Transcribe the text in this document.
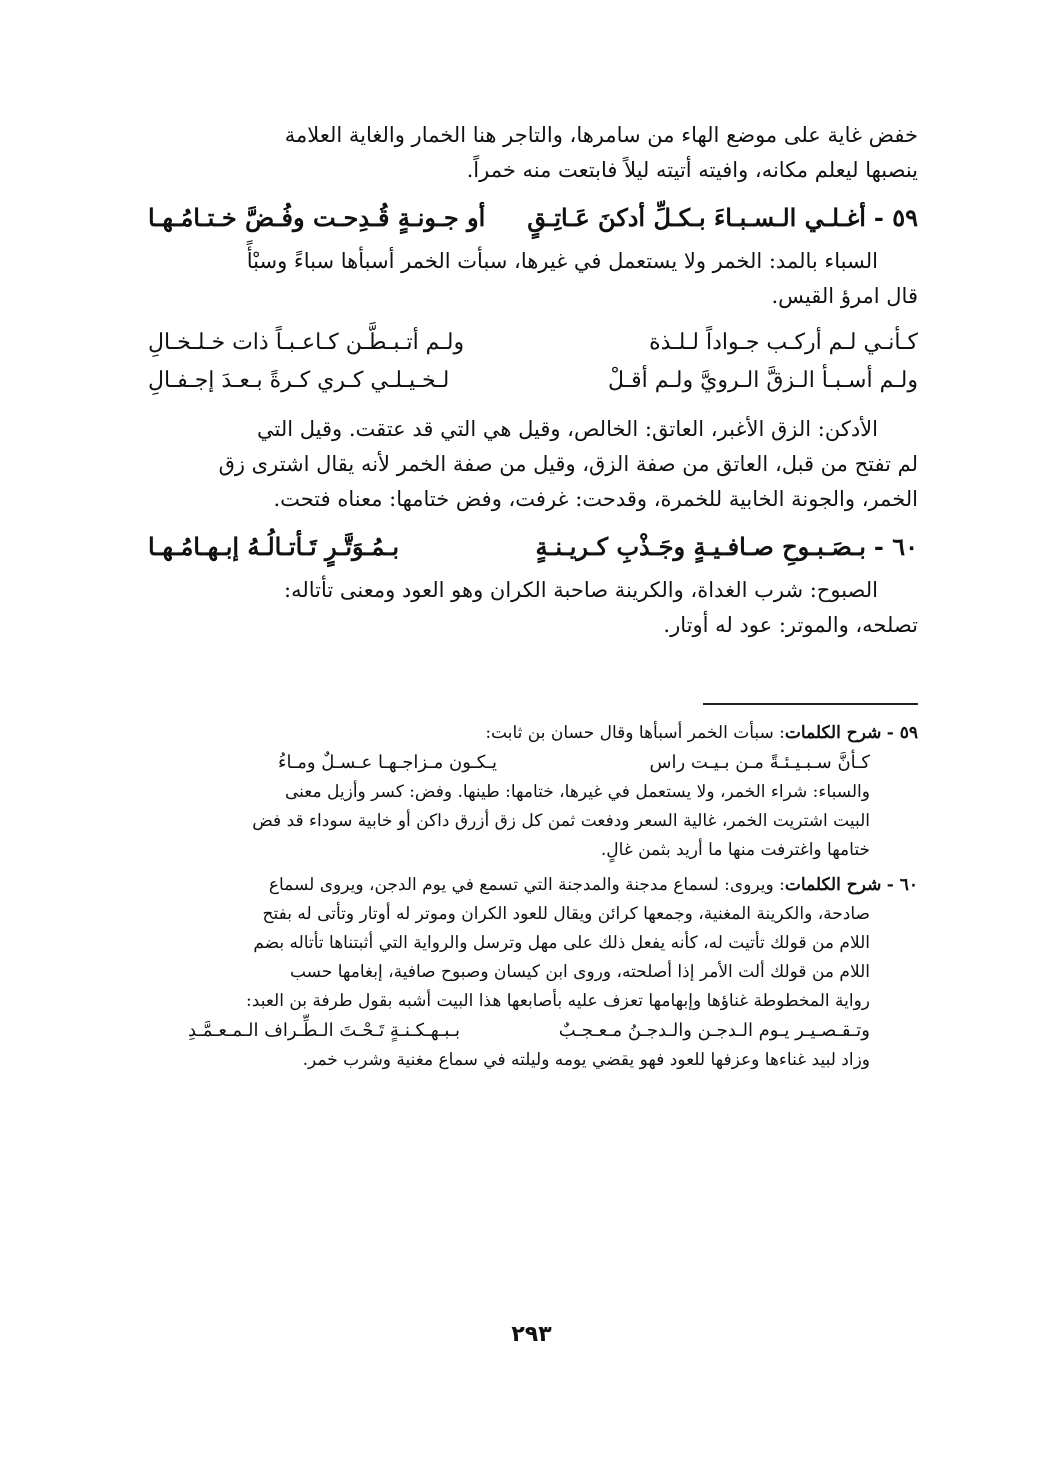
خفض غاية على موضع الهاء من سامرها، والتاجر هنا الخمار والغاية العلامة
ينصبها ليعلم مكانه، وافيته أتيته ليلاً فابتعت منه خمراً.
٥٩ -أغـلـي الـسـبـاءَ بـكـلِّ أدكنَ عَـاتِـقٍ
أو جـونـةٍ قُـدِحـت وفُـضَّ خـتـامُـهـا
السباء بالمد: الخمر ولا يستعمل في غيرها، سبأت الخمر أسبأها سباءً وسبْأً
قال امرؤ القيس.
كـأنـي لـم أركـب جـواداً لـلـذة
ولـم أتـبـطَّـن كـاعـبـاً ذات خـلـخـالِ
ولـم أسـبـأ الـزقَّ الـرويَّ ولـم أقـلْ
لـخـيـلـي كـري كـرةً بـعـدَ إجـفـالِ
الأدكن: الزق الأغبر، العاتق: الخالص، وقيل هي التي قد عتقت. وقيل التي
لم تفتح من قبل، العاتق من صفة الزق، وقيل من صفة الخمر لأنه يقال اشترى زق
الخمر، والجونة الخابية للخمرة، وقدحت: غرفت، وفض ختامها: معناه فتحت.
٦٠ -بـصَـبـوحِ صـافـيـةٍ وجَـذْبِ كـريـنـةٍ
بـمُـوَتَّـرٍ تَـأتـالُـهُ إبـهـامُـهـا
الصبوح: شرب الغداة، والكرينة صاحبة الكران وهو العود ومعنى تأتاله:
تصلحه، والموتر: عود له أوتار.
٥٩ - شرح الكلمات: سبأت الخمر أسبأها وقال حسان بن ثابت:
كـأنَّ سـبـيـئـةً مـن بـيـت راس
يـكـون مـزاجـهـا عـسـلٌ ومـاءُ
والسباء: شراء الخمر، ولا يستعمل في غيرها، ختامها: طينها. وفض: كسر وأزيل معنى
البيت اشتريت الخمر، غالية السعر ودفعت ثمن كل زق أزرق داكن أو خابية سوداء قد فض
ختامها واغترفت منها ما أريد بثمن غالٍ.
٦٠ - شرح الكلمات: ويروى: لسماع مدجنة والمدجنة التي تسمع في يوم الدجن، ويروى لسماع
صادحة، والكرينة المغنية، وجمعها كرائن ويقال للعود الكران وموتر له أوتار وتأتى له بفتح
اللام من قولك تأتيت له، كأنه يفعل ذلك على مهل وترسل والرواية التي أثبتناها تأتاله بضم
اللام من قولك ألت الأمر إذا أصلحته، وروى ابن كيسان وصبوح صافية، إبغامها حسب
رواية المخطوطة غناؤها وإبهامها تعزف عليه بأصابعها هذا البيت أشبه بقول طرفة بن العبد:
وتـقـصـيـر يـوم الـدجـن والـدجـنُ مـعـجـبٌ
بـبـهـكـنـةٍ تَـحْـتَ الـطِّـراف الـمـعـمَّـدِ
وزاد لبيد غناءها وعزفها للعود فهو يقضي يومه وليلته في سماع مغنية وشرب خمر.
٢٩٣
